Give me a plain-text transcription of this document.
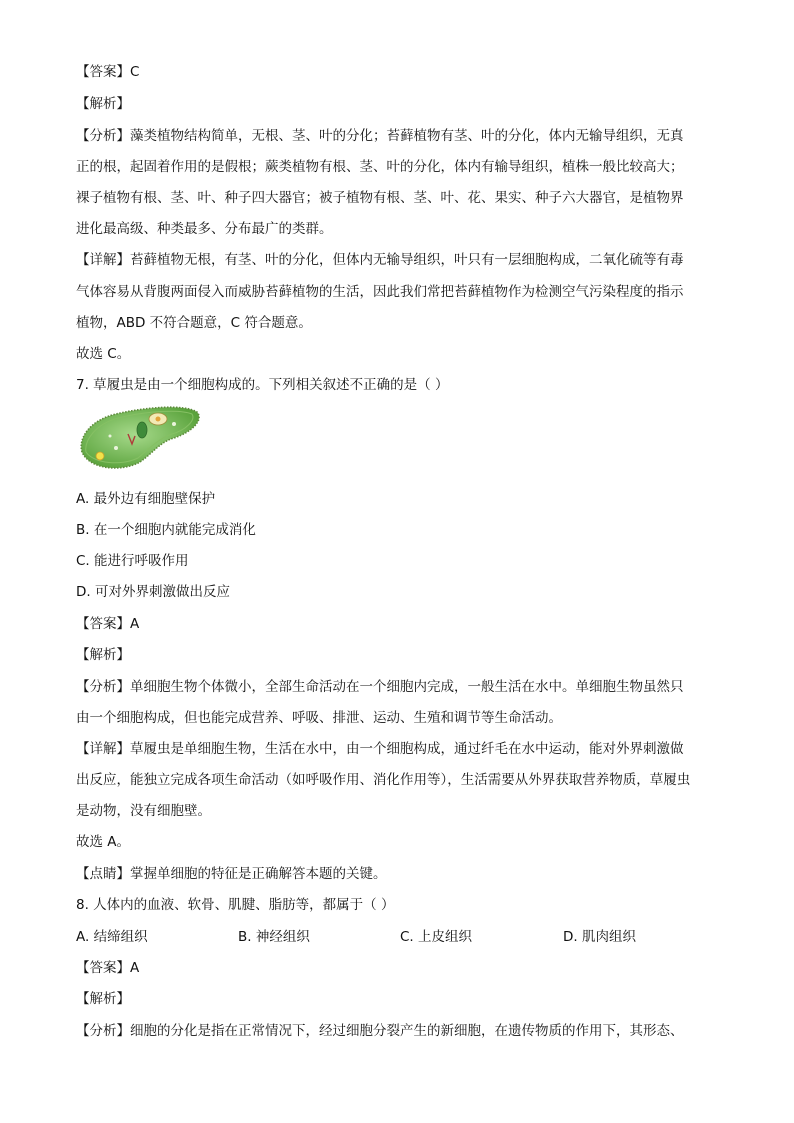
【答案】C
【解析】
【分析】藻类植物结构简单，无根、茎、叶的分化；苔藓植物有茎、叶的分化，体内无输导组织，无真
正的根，起固着作用的是假根；蕨类植物有根、茎、叶的分化，体内有输导组织，植株一般比较高大；
裸子植物有根、茎、叶、种子四大器官；被子植物有根、茎、叶、花、果实、种子六大器官，是植物界
进化最高级、种类最多、分布最广的类群。
【详解】苔藓植物无根，有茎、叶的分化，但体内无输导组织，叶只有一层细胞构成，二氧化硫等有毒
气体容易从背腹两面侵入而威胁苔藓植物的生活，因此我们常把苔藓植物作为检测空气污染程度的指示
植物，ABD 不符合题意，C 符合题意。
故选 C。
7. 草履虫是由一个细胞构成的。下列相关叙述不正确的是（ ）
A. 最外边有细胞壁保护
B. 在一个细胞内就能完成消化
C. 能进行呼吸作用
D. 可对外界刺激做出反应
【答案】A
【解析】
【分析】单细胞生物个体微小，全部生命活动在一个细胞内完成，一般生活在水中。单细胞生物虽然只
由一个细胞构成，但也能完成营养、呼吸、排泄、运动、生殖和调节等生命活动。
【详解】草履虫是单细胞生物，生活在水中，由一个细胞构成，通过纤毛在水中运动，能对外界刺激做
出反应，能独立完成各项生命活动（如呼吸作用、消化作用等），生活需要从外界获取营养物质，草履虫
是动物，没有细胞壁。
故选 A。
【点睛】掌握单细胞的特征是正确解答本题的关键。
8. 人体内的血液、软骨、肌腱、脂肪等，都属于（ ）
A. 结缔组织	B. 神经组织	C. 上皮组织	D. 肌肉组织
【答案】A
【解析】
【分析】细胞的分化是指在正常情况下，经过细胞分裂产生的新细胞，在遗传物质的作用下，其形态、
